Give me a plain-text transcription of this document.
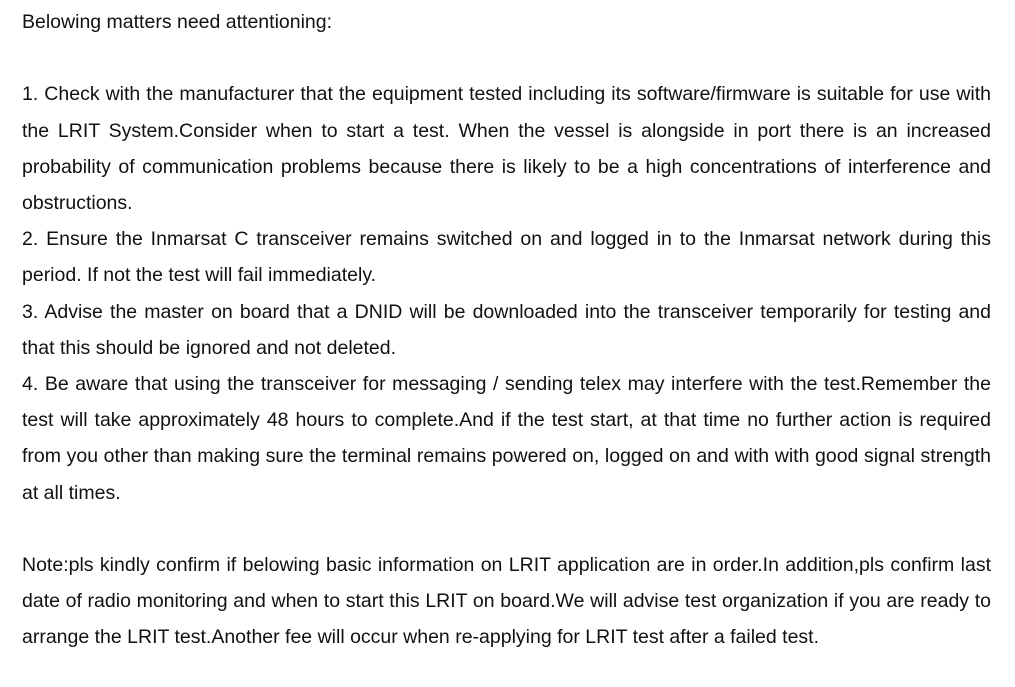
Belowing matters need attentioning:

1. Check with the manufacturer that the equipment tested including its software/firmware is suitable for use with the LRIT System.Consider when to start a test. When the vessel is alongside in port there is an increased probability of communication problems because there is likely to be a high concentrations of interference and obstructions.

2. Ensure the Inmarsat C transceiver remains switched on and logged in to the Inmarsat network during this period. If not the test will fail immediately.

3. Advise the master on board that a DNID will be downloaded into the transceiver temporarily for testing and that this should be ignored and not deleted.

4. Be aware that using the transceiver for messaging / sending telex may interfere with the test.Remember the test will take approximately 48 hours to complete.And if the test start, at that time no further action is required from you other than making sure the terminal remains powered on, logged on and with with good signal strength at all times.

Note:pls kindly confirm if belowing basic information on LRIT application are in order.In addition,pls confirm last date of radio monitoring and when to start this LRIT on board.We will advise test organization if you are ready to arrange the LRIT test.Another fee will occur when re-applying for LRIT test after a failed test.
